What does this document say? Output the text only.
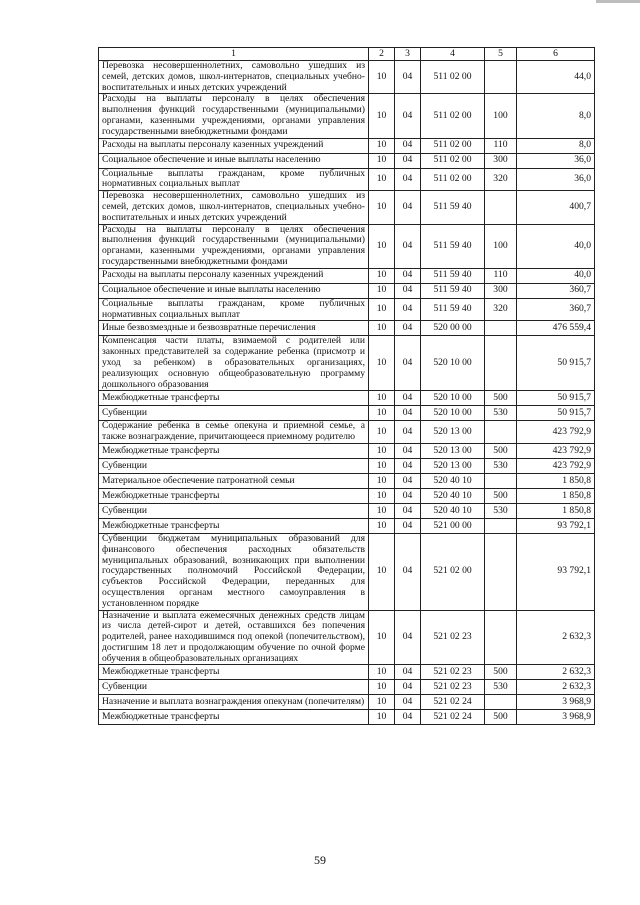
1	2	3	4	5	6
Перевозка несовершеннолетних, самовольно ушедших из семей, детских домов, школ-интернатов, специальных учебно-воспитательных и иных детских учреждений	10	04	511 02 00		44,0
Расходы на выплаты персоналу в целях обеспечения выполнения функций государственными (муниципальными) органами, казенными учреждениями, органами управления государственными внебюджетными фондами	10	04	511 02 00	100	8,0
Расходы на выплаты персоналу казенных учреждений	10	04	511 02 00	110	8,0
Социальное обеспечение и иные выплаты населению	10	04	511 02 00	300	36,0
Социальные выплаты гражданам, кроме публичных нормативных социальных выплат	10	04	511 02 00	320	36,0
Перевозка несовершеннолетних, самовольно ушедших из семей, детских домов, школ-интернатов, специальных учебно-воспитательных и иных детских учреждений	10	04	511 59 40		400,7
Расходы на выплаты персоналу в целях обеспечения выполнения функций государственными (муниципальными) органами, казенными учреждениями, органами управления государственными внебюджетными фондами	10	04	511 59 40	100	40,0
Расходы на выплаты персоналу казенных учреждений	10	04	511 59 40	110	40,0
Социальное обеспечение и иные выплаты населению	10	04	511 59 40	300	360,7
Социальные выплаты гражданам, кроме публичных нормативных социальных выплат	10	04	511 59 40	320	360,7
Иные безвозмездные и безвозвратные перечисления	10	04	520 00 00		476 559,4
Компенсация части платы, взимаемой с родителей или законных представителей за содержание ребенка (присмотр и уход за ребенком) в образовательных организациях, реализующих основную общеобразовательную программу дошкольного образования	10	04	520 10 00		50 915,7
Межбюджетные трансферты	10	04	520 10 00	500	50 915,7
Субвенции	10	04	520 10 00	530	50 915,7
Содержание ребенка в семье опекуна и приемной семье, а также вознаграждение, причитающееся приемному родителю	10	04	520 13 00		423 792,9
Межбюджетные трансферты	10	04	520 13 00	500	423 792,9
Субвенции	10	04	520 13 00	530	423 792,9
Материальное обеспечение патронатной семьи	10	04	520 40 10		1 850,8
Межбюджетные трансферты	10	04	520 40 10	500	1 850,8
Субвенции	10	04	520 40 10	530	1 850,8
Межбюджетные трансферты	10	04	521 00 00		93 792,1
Субвенции бюджетам муниципальных образований для финансового обеспечения расходных обязательств муниципальных образований, возникающих при выполнении государственных полномочий Российской Федерации, субъектов Российской Федерации, переданных для осуществления органам местного самоуправления в установленном порядке	10	04	521 02 00		93 792,1
Назначение и выплата ежемесячных денежных средств лицам из числа детей-сирот и детей, оставшихся без попечения родителей, ранее находившимся под опекой (попечительством), достигшим 18 лет и продолжающим обучение по очной форме обучения в общеобразовательных организациях	10	04	521 02 23		2 632,3
Межбюджетные трансферты	10	04	521 02 23	500	2 632,3
Субвенции	10	04	521 02 23	530	2 632,3
Назначение и выплата вознаграждения опекунам (попечителям)	10	04	521 02 24		3 968,9
Межбюджетные трансферты	10	04	521 02 24	500	3 968,9
59
